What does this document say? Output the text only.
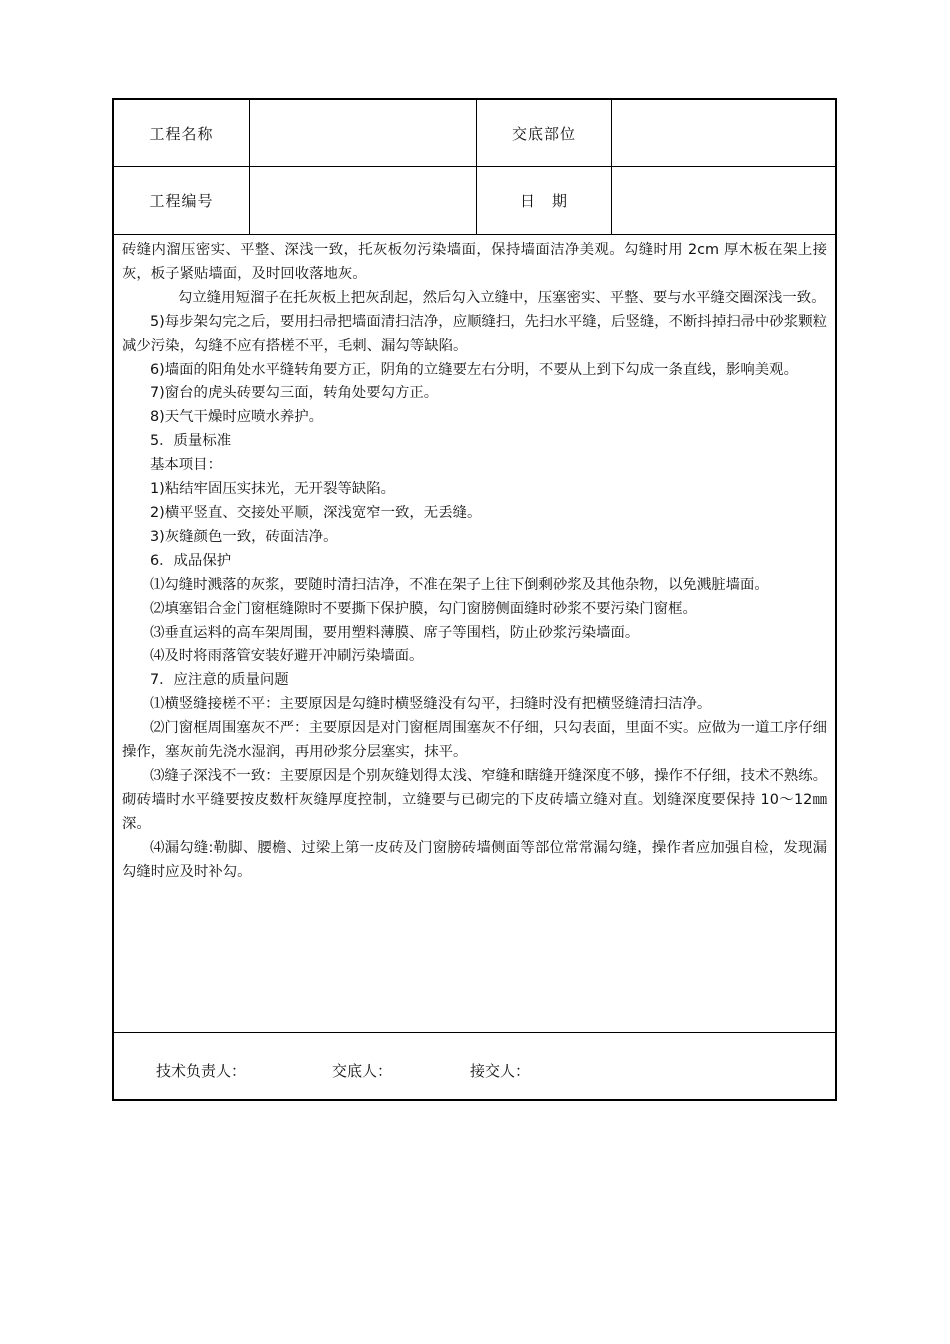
工程名称	交底部位
工程编号	日　期

砖缝内溜压密实、平整、深浅一致，托灰板勿污染墙面，保持墙面洁净美观。勾缝时用 2cm 厚木板在架上接灰，板子紧贴墙面，及时回收落地灰。

勾立缝用短溜子在托灰板上把灰刮起，然后勾入立缝中，压塞密实、平整、要与水平缝交圈深浅一致。

5)每步架勾完之后，要用扫帚把墙面清扫洁净，应顺缝扫，先扫水平缝，后竖缝，不断抖掉扫帚中砂浆颗粒减少污染，勾缝不应有搭槎不平，毛刺、漏勾等缺陷。

6)墙面的阳角处水平缝转角要方正，阴角的立缝要左右分明，不要从上到下勾成一条直线，影响美观。

7)窗台的虎头砖要勾三面，转角处要勾方正。

8)天气干燥时应喷水养护。

5．质量标准

基本项目：

1)粘结牢固压实抹光，无开裂等缺陷。

2)横平竖直、交接处平顺，深浅宽窄一致，无丢缝。

3)灰缝颜色一致，砖面洁净。

6．成品保护

⑴勾缝时溅落的灰浆，要随时清扫洁净，不准在架子上往下倒剩砂浆及其他杂物，以免溅脏墙面。

⑵填塞铝合金门窗框缝隙时不要撕下保护膜，勾门窗膀侧面缝时砂浆不要污染门窗框。

⑶垂直运料的高车架周围，要用塑料薄膜、席子等围档，防止砂浆污染墙面。

⑷及时将雨落管安装好避开冲刷污染墙面。

7．应注意的质量问题

⑴横竖缝接槎不平：主要原因是勾缝时横竖缝没有勾平，扫缝时没有把横竖缝清扫洁净。

⑵门窗框周围塞灰不严：主要原因是对门窗框周围塞灰不仔细，只勾表面，里面不实。应做为一道工序仔细操作，塞灰前先浇水湿润，再用砂浆分层塞实，抹平。

⑶缝子深浅不一致：主要原因是个别灰缝划得太浅、窄缝和瞎缝开缝深度不够，操作不仔细，技术不熟练。砌砖墙时水平缝要按皮数杆灰缝厚度控制，立缝要与已砌完的下皮砖墙立缝对直。划缝深度要保持 10～12㎜深。

⑷漏勾缝:勒脚、腰檐、过梁上第一皮砖及门窗膀砖墙侧面等部位常常漏勾缝，操作者应加强自检，发现漏勾缝时应及时补勾。

技术负责人：	交底人：	接交人：
